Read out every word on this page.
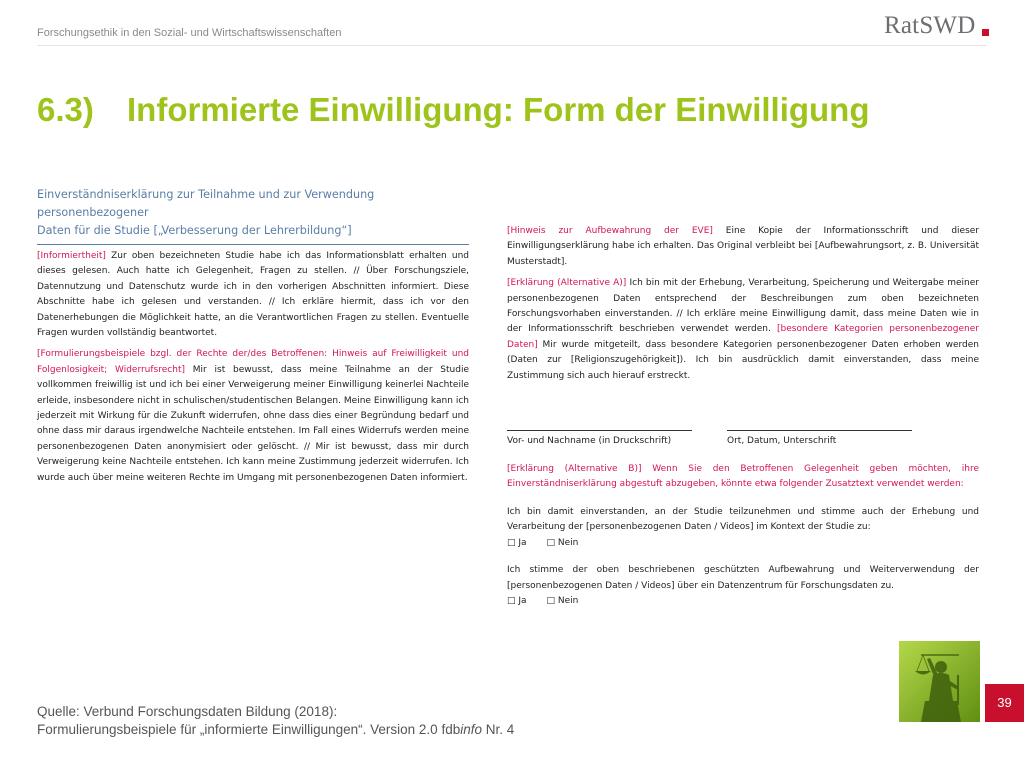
Forschungsethik in den Sozial- und Wirtschaftswissenschaften	RatSWD
6.3) Informierte Einwilligung: Form der Einwilligung
Einverständniserklärung zur Teilnahme und zur Verwendung personenbezogener
Daten für die Studie [„Verbesserung der Lehrerbildung“]

[Informiertheit] Zur oben bezeichneten Studie habe ich das Informationsblatt erhalten und dieses gelesen. Auch hatte ich Gelegenheit, Fragen zu stellen. // Über Forschungsziele, Datennutzung und Datenschutz wurde ich in den vorherigen Abschnitten informiert. Diese Abschnitte habe ich gelesen und verstanden. // Ich erkläre hiermit, dass ich vor den Datenerhebungen die Möglichkeit hatte, an die Verantwortlichen Fragen zu stellen. Eventuelle Fragen wurden vollständig beantwortet.

[Formulierungsbeispiele bzgl. der Rechte der/des Betroffenen: Hinweis auf Freiwilligkeit und Folgenlosigkeit; Widerrufsrecht] Mir ist bewusst, dass meine Teilnahme an der Studie vollkommen freiwillig ist und ich bei einer Verweigerung meiner Einwilligung keinerlei Nachteile erleide, insbesondere nicht in schulischen/studentischen Belangen. Meine Einwilligung kann ich jederzeit mit Wirkung für die Zukunft widerrufen, ohne dass dies einer Begründung bedarf und ohne dass mir daraus irgendwelche Nachteile entstehen. Im Fall eines Widerrufs werden meine personenbezogenen Daten anonymisiert oder gelöscht. // Mir ist bewusst, dass mir durch Verweigerung keine Nachteile entstehen. Ich kann meine Zustimmung jederzeit widerrufen. Ich wurde auch über meine weiteren Rechte im Umgang mit personenbezogenen Daten informiert.

[Hinweis zur Aufbewahrung der EVE] Eine Kopie der Informationsschrift und dieser Einwilligungserklärung habe ich erhalten. Das Original verbleibt bei [Aufbewahrungsort, z. B. Universität Musterstadt].

[Erklärung (Alternative A)] Ich bin mit der Erhebung, Verarbeitung, Speicherung und Weitergabe meiner personenbezogenen Daten entsprechend der Beschreibungen zum oben bezeichneten Forschungsvorhaben einverstanden. // Ich erkläre meine Einwilligung damit, dass meine Daten wie in der Informationsschrift beschrieben verwendet werden. [besondere Kategorien personenbezogener Daten] Mir wurde mitgeteilt, dass besondere Kategorien personenbezogener Daten erhoben werden (Daten zur [Religionszugehörigkeit]). Ich bin ausdrücklich damit einverstanden, dass meine Zustimmung sich auch hierauf erstreckt.

Vor- und Nachname (in Druckschrift)	Ort, Datum, Unterschrift

[Erklärung (Alternative B)] Wenn Sie den Betroffenen Gelegenheit geben möchten, ihre Einverständniserklärung abgestuft abzugeben, könnte etwa folgender Zusatztext verwendet werden:

Ich bin damit einverstanden, an der Studie teilzunehmen und stimme auch der Erhebung und Verarbeitung der [personenbezogenen Daten / Videos] im Kontext der Studie zu:

□ Ja □ Nein

Ich stimme der oben beschriebenen geschützten Aufbewahrung und Weiterverwendung der [personenbezogenen Daten / Videos] über ein Datenzentrum für Forschungsdaten zu.

□ Ja □ Nein
Quelle: Verbund Forschungsdaten Bildung (2018):
Formulierungsbeispiele für „informierte Einwilligungen“. Version 2.0 fdbinfo Nr. 4
39
